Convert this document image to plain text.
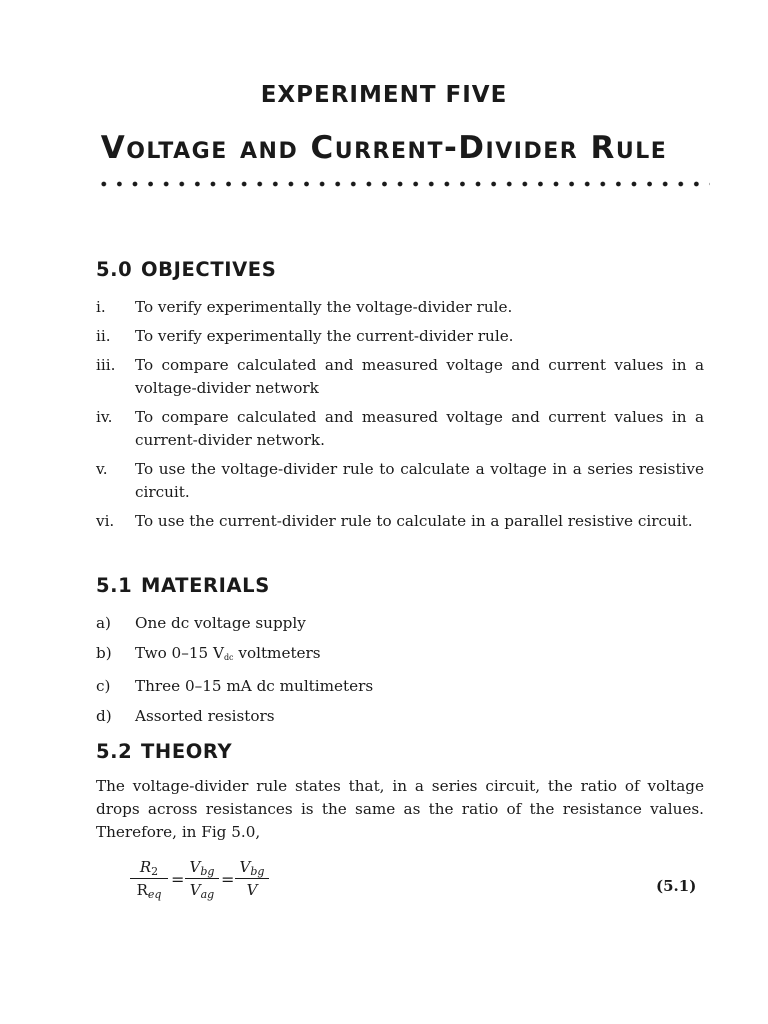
EXPERIMENT FIVE
Voltage and Current-Divider Rule
5.0 OBJECTIVES
i. To verify experimentally the voltage-divider rule.
ii. To verify experimentally the current-divider rule.
iii. To compare calculated and measured voltage and current values in a voltage-divider network
iv. To compare calculated and measured voltage and current values in a current-divider network.
v. To use the voltage-divider rule to calculate a voltage in a series resistive circuit.
vi. To use the current-divider rule to calculate in a parallel resistive circuit.
5.1 MATERIALS
a) One dc voltage supply
b) Two 0–15 $V_{dc}$ voltmeters
c) Three 0–15 mA dc multimeters
d) Assorted resistors
5.2 THEORY

The voltage-divider rule states that, in a series circuit, the ratio of voltage drops across resistances is the same as the ratio of the resistance values. Therefore, in Fig 5.0,

$R_2$
$R_{eq}$
=
$V_{bg}$
$V_{ag}$
=
$V_{bg}$
V	(5.1)
